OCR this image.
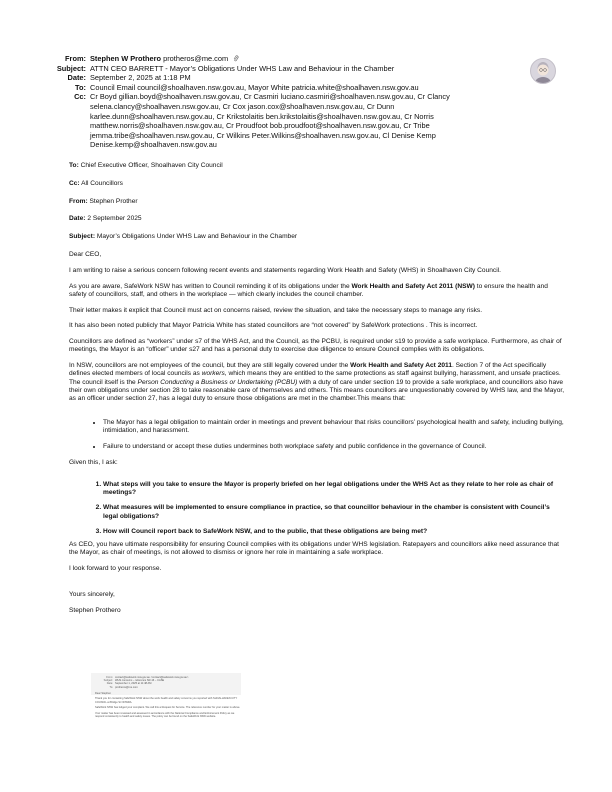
From: Stephen W Prothero protheros@me.com
Subject: ATTN CEO BARRETT - Mayor’s Obligations Under WHS Law and Behaviour in the Chamber
Date: September 2, 2025 at 1:18 PM
To: Council Email council@shoalhaven.nsw.gov.au, Mayor White patricia.white@shoalhaven.nsw.gov.au
Cc: Cr Boyd gillian.boyd@shoalhaven.nsw.gov.au, Cr Casmiri luciano.casmiri@shoalhaven.nsw.gov.au, Cr Clancy
selena.clancy@shoalhaven.nsw.gov.au, Cr Cox jason.cox@shoalhaven.nsw.gov.au, Cr Dunn
karlee.dunn@shoalhaven.nsw.gov.au, Cr Krikstolaitis ben.krikstolaitis@shoalhaven.nsw.gov.au, Cr Norris
matthew.norris@shoalhaven.nsw.gov.au, Cr Proudfoot bob.proudfoot@shoalhaven.nsw.gov.au, Cr Tribe
jemma.tribe@shoalhaven.nsw.gov.au, Cr Wilkins Peter.Wilkins@shoalhaven.nsw.gov.au, Cl Denise Kemp
Denise.kemp@shoalhaven.nsw.gov.au

To: Chief Executive Officer, Shoalhaven City Council

Cc: All Councillors

From: Stephen Prother

Date: 2 September 2025

Subject: Mayor’s Obligations Under WHS Law and Behaviour in the Chamber

Dear CEO,

I am writing to raise a serious concern following recent events and statements regarding Work Health and Safety (WHS) in Shoalhaven City Council.

As you are aware, SafeWork NSW has written to Council reminding it of its obligations under the Work Health and Safety Act 2011 (NSW) to ensure the health and safety of councillors, staff, and others in the workplace — which clearly includes the council chamber.

Their letter makes it explicit that Council must act on concerns raised, review the situation, and take the necessary steps to manage any risks.

It has also been noted publicly that Mayor Patricia White has stated councillors are “not covered” by SafeWork protections . This is incorrect.

Councillors are defined as “workers” under s7 of the WHS Act, and the Council, as the PCBU, is required under s19 to provide a safe workplace. Furthermore, as chair of meetings, the Mayor is an “officer” under s27 and has a personal duty to exercise due diligence to ensure Council complies with its obligations.

In NSW, councillors are not employees of the council, but they are still legally covered under the Work Health and Safety Act 2011. Section 7 of the Act specifically defines elected members of local councils as workers, which means they are entitled to the same protections as staff against bullying, harassment, and unsafe practices. The council itself is the Person Conducting a Business or Undertaking (PCBU) with a duty of care under section 19 to provide a safe workplace, and councillors also have their own obligations under section 28 to take reasonable care of themselves and others. This means councillors are unquestionably covered by WHS law, and the Mayor, as an officer under section 27, has a legal duty to ensure those obligations are met in the chamber.This means that:

• The Mayor has a legal obligation to maintain order in meetings and prevent behaviour that risks councillors’ psychological health and safety, including bullying, intimidation, and harassment.
• Failure to understand or accept these duties undermines both workplace safety and public confidence in the governance of Council.

Given this, I ask:

1. What steps will you take to ensure the Mayor is properly briefed on her legal obligations under the WHS Act as they relate to her role as chair of meetings?
2. What measures will be implemented to ensure compliance in practice, so that councillor behaviour in the chamber is consistent with Council’s legal obligations?
3. How will Council report back to SafeWork NSW, and to the public, that these obligations are being met?

As CEO, you have ultimate responsibility for ensuring Council complies with its obligations under WHS legislation. Ratepayers and councillors alike need assurance that the Mayor, as chair of meetings, is not allowed to dismiss or ignore her role in maintaining a safe workplace.

I look forward to your response.

Yours sincerely,

Stephen Prothero

From: contact@safework.nsw.gov.au <contact@safework.nsw.gov.au>
Subject: WHS concerns – reference SR-16 – CASE
Date: September 1, 2025 at 11:48 AM
To: protheros@me.com

Dear Stephen

Thank you for contacting SafeWork NSW about the work health and safety concerns you reported with SHOALHAVEN CITY COUNCIL at Bridge St NOWRA.

SafeWork NSW has lodged your complaint. We call this a Request for Service. The reference number for your matter is above.

Your matter has been reviewed and assessed in accordance with the National Compliance and Enforcement Policy as we respond consistently to health and safety issues. The policy can be found on the SafeWork NSW website.
